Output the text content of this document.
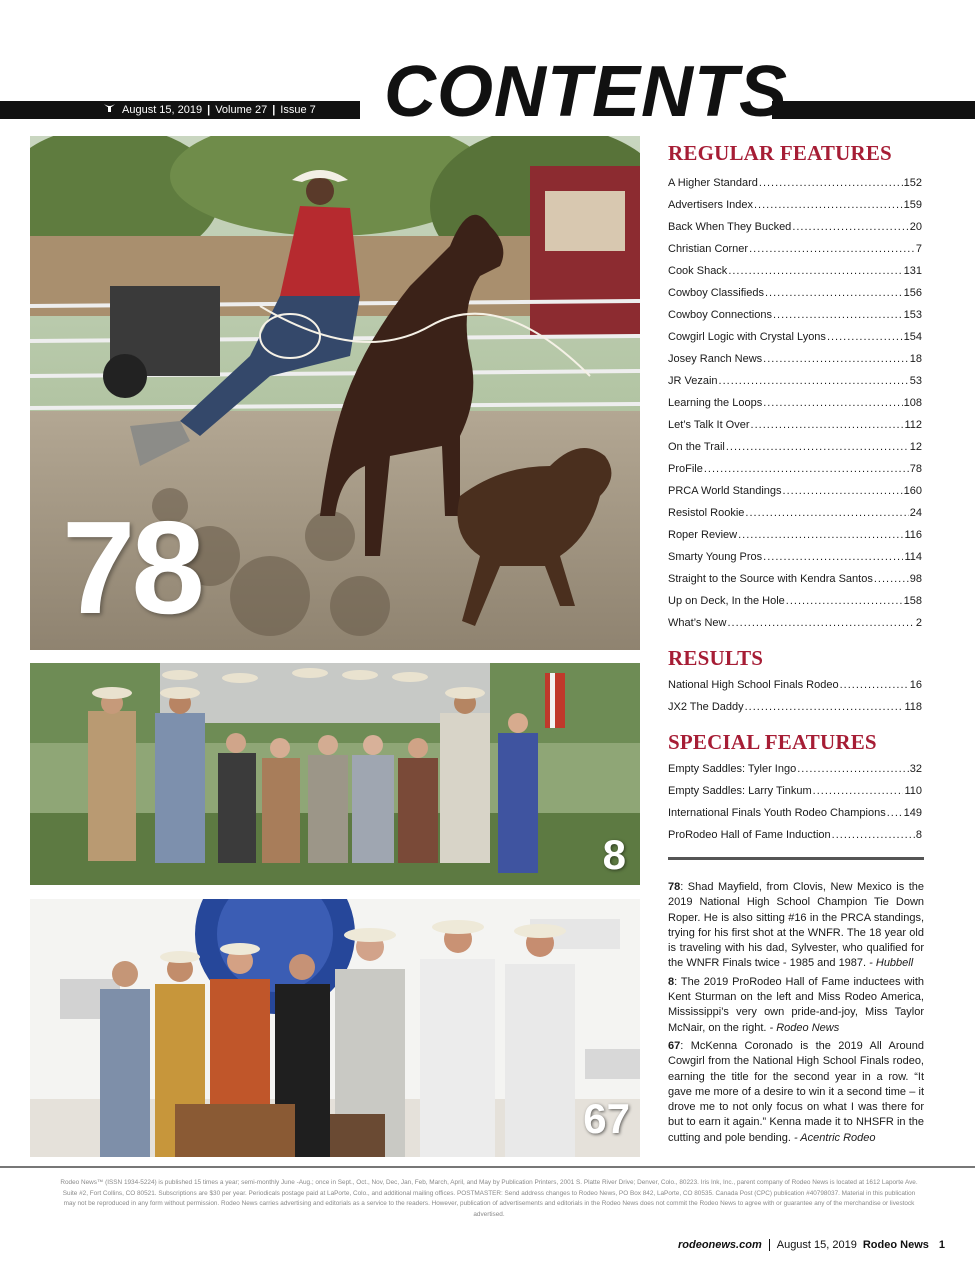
August 15, 2019 | Volume 27 | Issue 7 CONTENTS
78
8
67
REGULAR FEATURES
A Higher Standard .....	152
Advertisers Index .....	159
Back When They Bucked .....	20
Christian Corner .....	7
Cook Shack .....	131
Cowboy Classifieds .....	156
Cowboy Connections .....	153
Cowgirl Logic with Crystal Lyons .....	154
Josey Ranch News .....	18
JR Vezain .....	53
Learning the Loops .....	108
Let’s Talk It Over .....	112
On the Trail .....	12
ProFile .....	78
PRCA World Standings .....	160
Resistol Rookie .....	24
Roper Review .....	116
Smarty Young Pros .....	114
Straight to the Source with Kendra Santos .....	98
Up on Deck, In the Hole .....	158
What’s New .....	2
RESULTS
National High School Finals Rodeo .....	16
JX2 The Daddy .....	118
SPECIAL FEATURES
Empty Saddles: Tyler Ingo .....	32
Empty Saddles: Larry Tinkum .....	110
International Finals Youth Rodeo Champions ..... 149
ProRodeo Hall of Fame Induction .....	8

78: Shad Mayfield, from Clovis, New Mexico is the 2019 National High School Champion Tie Down Roper. He is also sitting #16 in the PRCA standings, trying for his first shot at the WNFR. The 18 year old is traveling with his dad, Sylvester, who qualified for the WNFR Finals twice - 1985 and 1987. - Hubbell

8: The 2019 ProRodeo Hall of Fame inductees with Kent Sturman on the left and Miss Rodeo America, Mississippi’s very own pride-and-joy, Miss Taylor McNair, on the right. - Rodeo News

67: McKenna Coronado is the 2019 All Around Cowgirl from the National High School Finals rodeo, earning the title for the second year in a row. “It gave me more of a desire to win it a second time – it drove me to not only focus on what I was there for but to earn it again.” Kenna made it to NHSFR in the cutting and pole bending. - Acentric Rodeo

Rodeo News™ (ISSN 1934-5224) is published 15 times a year; semi-monthly June -Aug.; once in Sept., Oct., Nov, Dec, Jan, Feb, March, April, and May by Publication Printers, 2001 S. Platte River Drive; Denver, Colo., 80223. Iris Ink, Inc., parent company of Rodeo News is located at 1612 Laporte Ave. Suite #2, Fort Collins, CO 80521. Subscriptions are $30 per year. Periodicals postage paid at LaPorte, Colo., and additional mailing offices. POSTMASTER: Send address changes to Rodeo News, PO Box 842, LaPorte, CO 80535. Canada Post (CPC) publication #40798037. Material in this publication may not be reproduced in any form without permission. Rodeo News carries advertising and editorials as a service to the readers. However, publication of advertisements and editorials in the Rodeo News does not commit the Rodeo News to agree with or guarantee any of the merchandise or livestock advertised.
rodeonews.com August 15, 2019 Rodeo News 1
